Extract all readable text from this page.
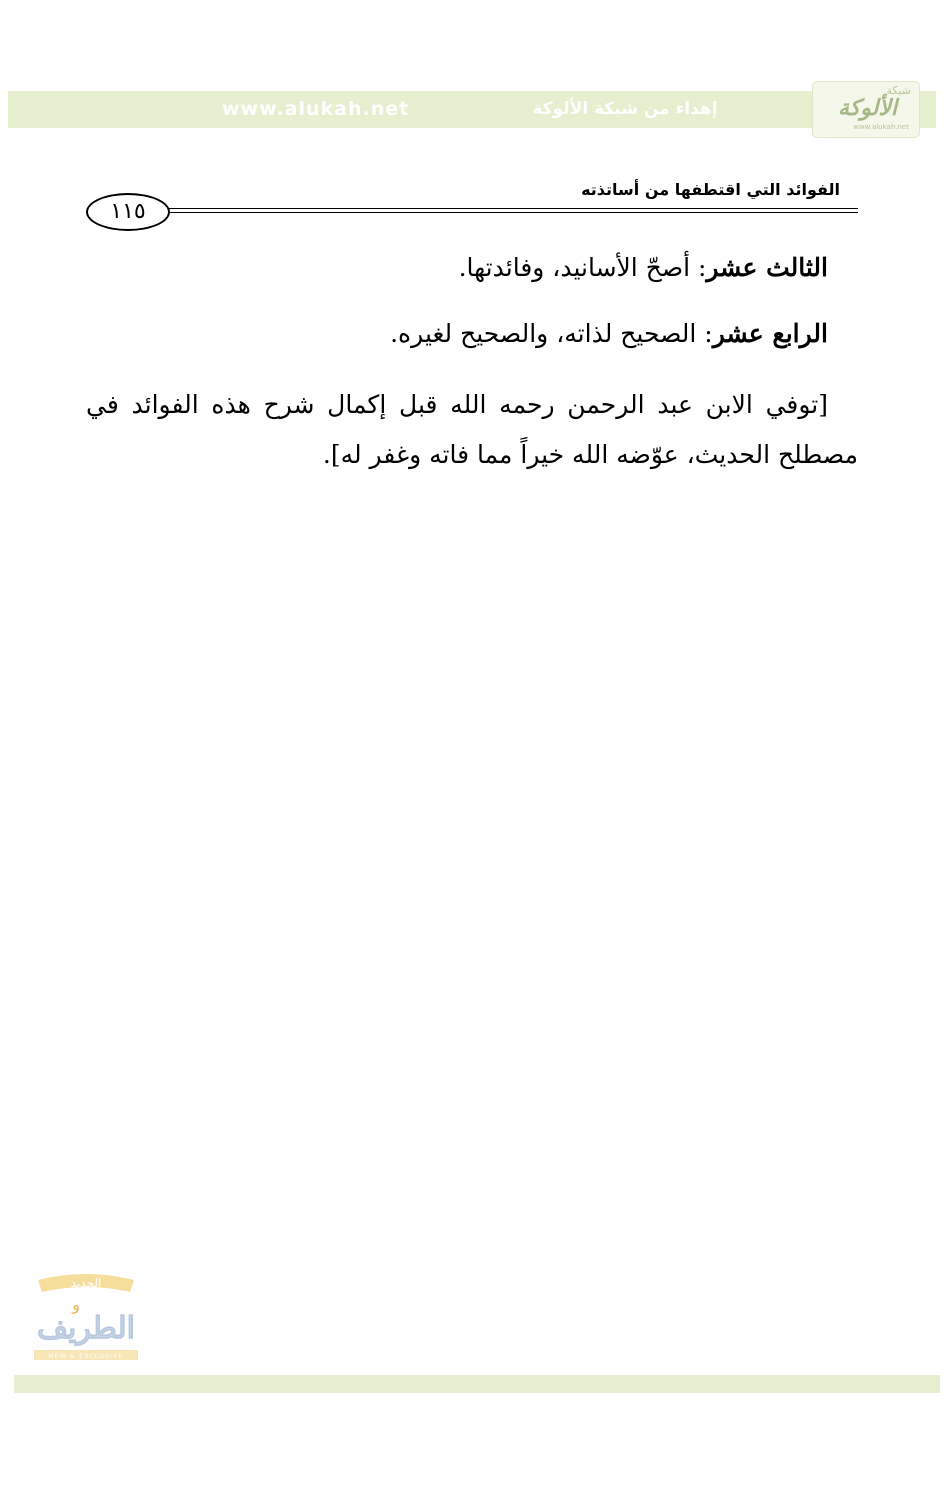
www.alukah.net	إهداء من شبكة الألوكة
شبكة
الألوكة
www.alukah.net
الفوائد التي اقتطفها من أساتذته
١١٥
الثالث عشر: أصحّ الأسانيد، وفائدتها.
الرابع عشر: الصحيح لذاته، والصحيح لغيره.
[توفي الابن عبد الرحمن رحمه الله قبل إكمال شرح هذه الفوائد في مصطلح الحديث، عوّضه الله خيراً مما فاته وغفر له].
الجديد
و
الطريف
NEW & EXCLUSIVE
